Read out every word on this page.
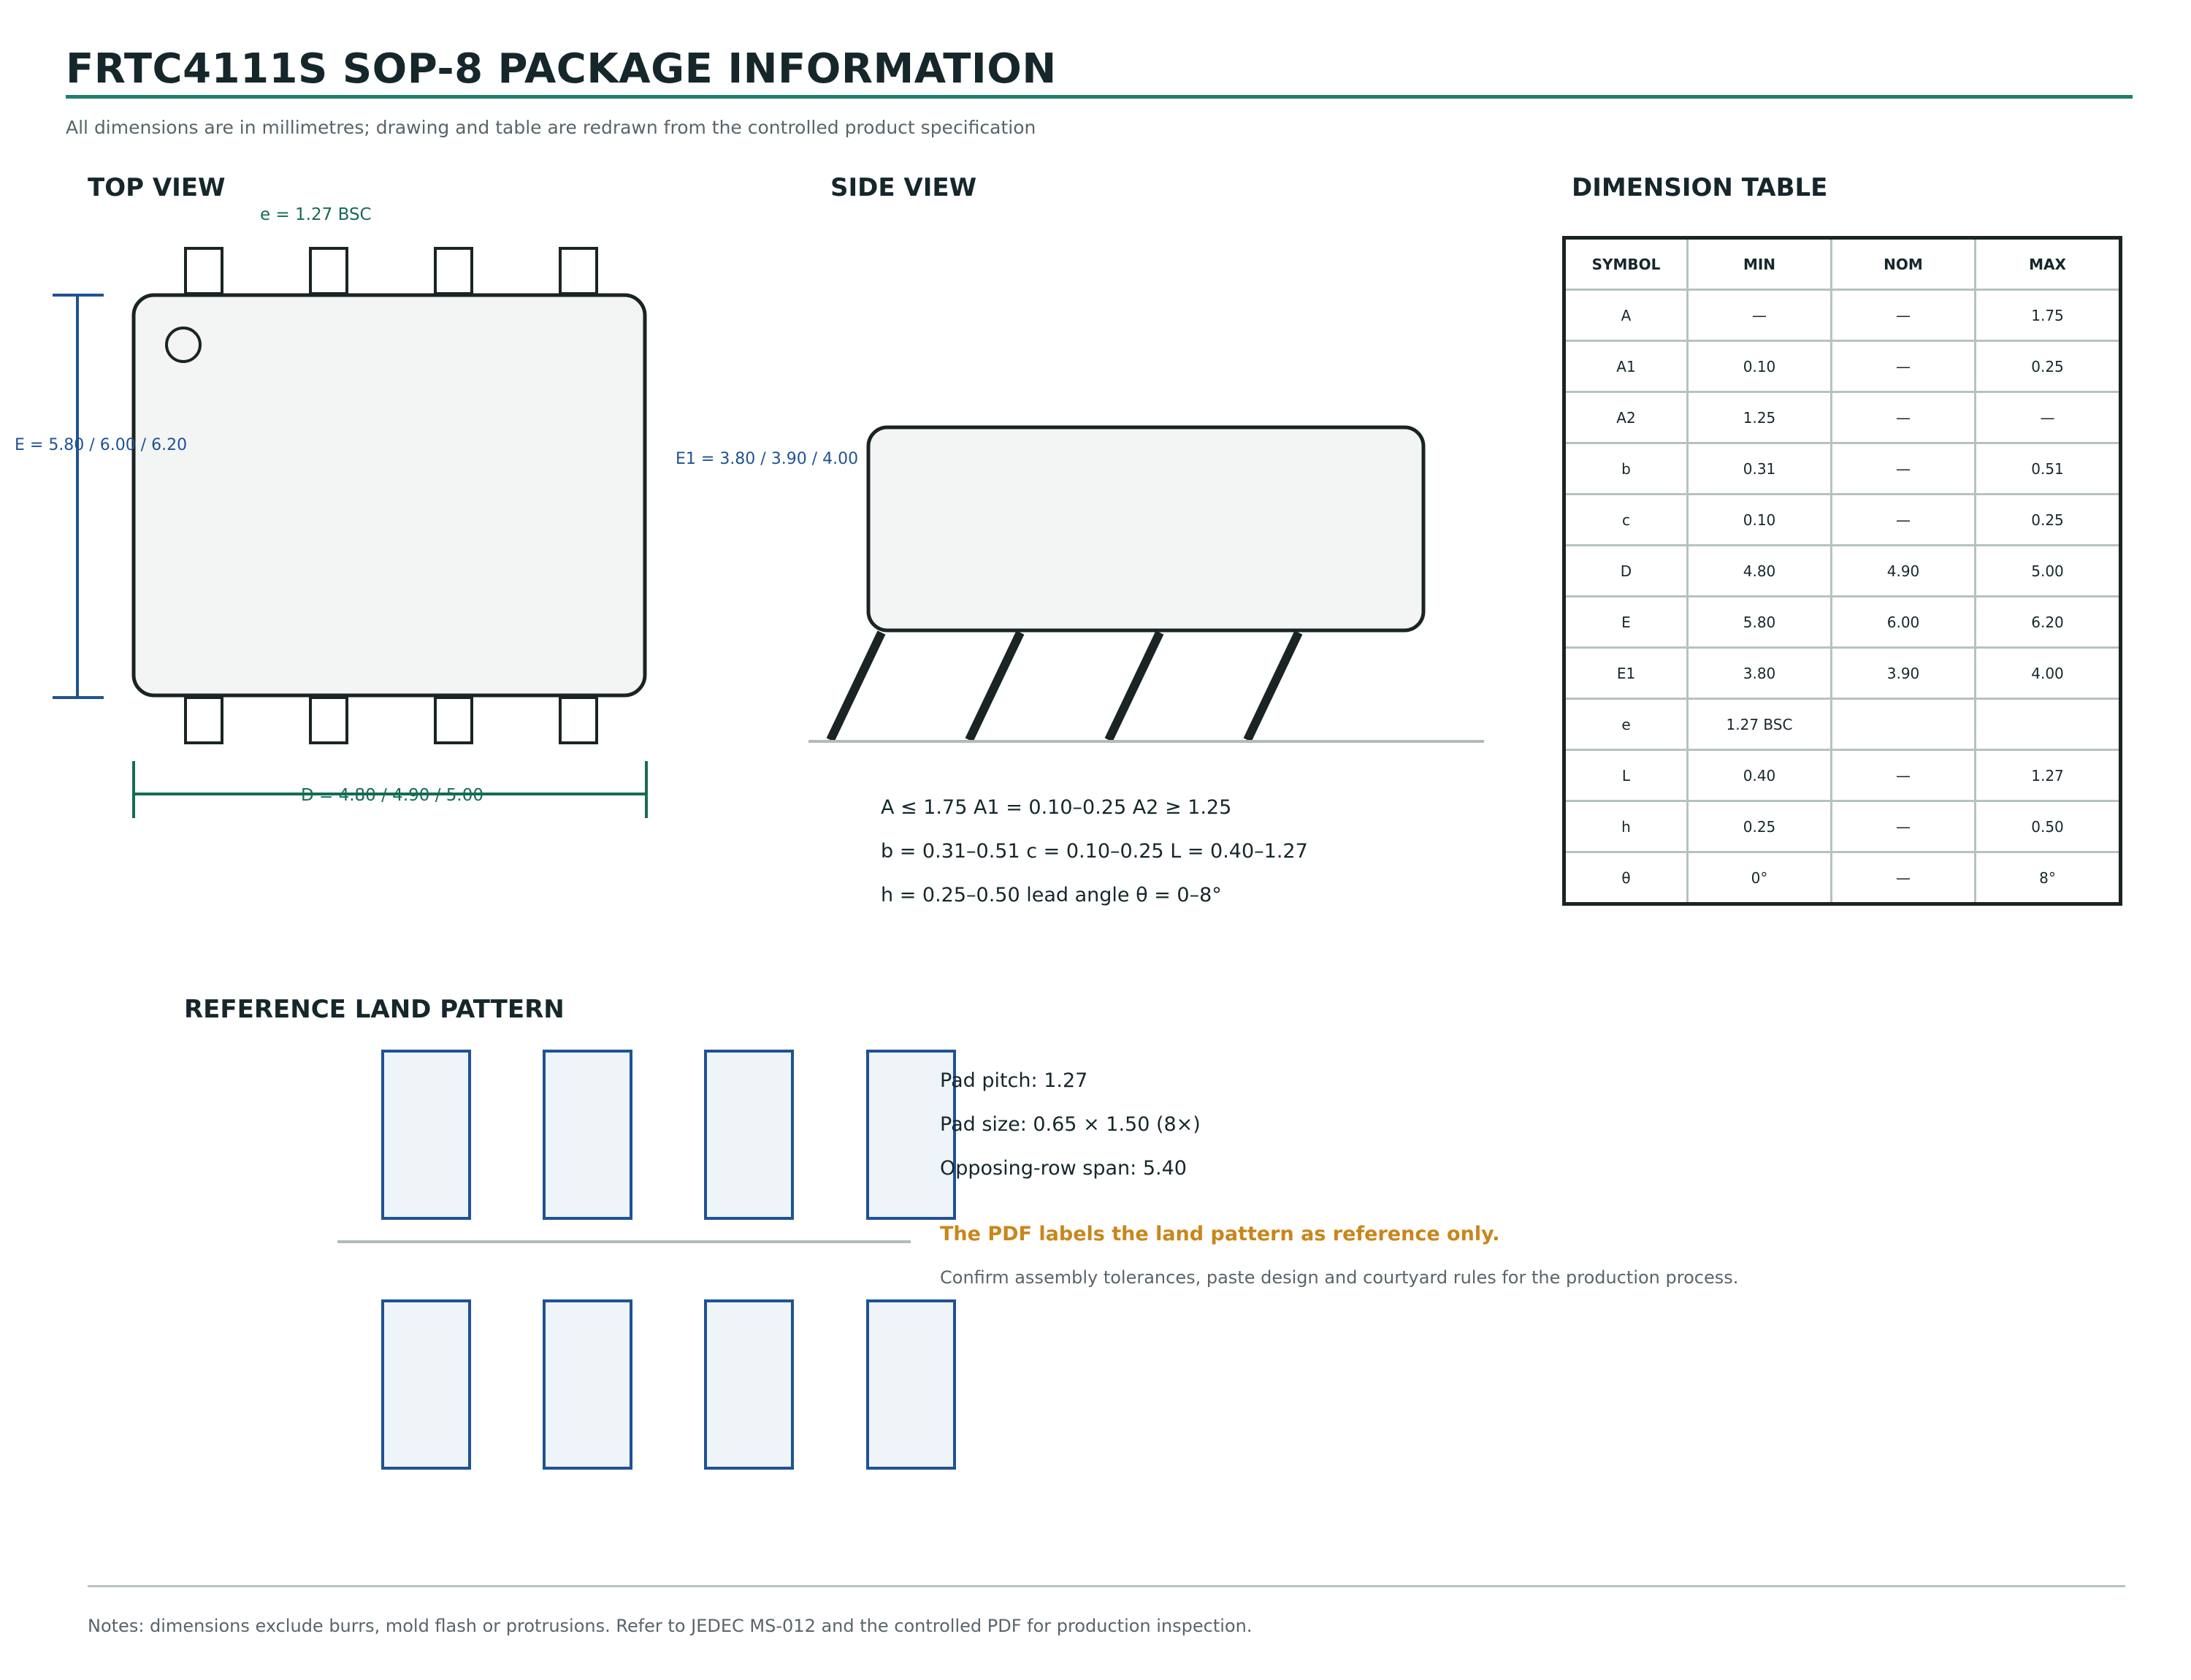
FRTC4111S SOP-8 PACKAGE INFORMATION
All dimensions are in millimetres; drawing and table are redrawn from the controlled product specification
TOP VIEW	SIDE VIEW	DIMENSION TABLE
REFERENCE LAND PATTERN
e = 1.27 BSC
E = 5.80 / 6.00 / 6.20
D = 4.80 / 4.90 / 5.00
E1 = 3.80 / 3.90 / 4.00
A ≤ 1.75 A1 = 0.10–0.25 A2 ≥ 1.25
b = 0.31–0.51 c = 0.10–0.25 L = 0.40–1.27
h = 0.25–0.50 lead angle θ = 0–8°
SYMBOL	MIN	NOM	MAX
A	—	—	1.75
A1	0.10	—	0.25
A2	1.25	—	—
b	0.31	—	0.51
c	0.10	—	0.25
D	4.80	4.90	5.00
E	5.80	6.00	6.20
E1	3.80	3.90	4.00
e	1.27 BSC		
L	0.40	—	1.27
h	0.25	—	0.50
θ	0°	—	8°
Pad pitch: 1.27
Pad size: 0.65 × 1.50 (8×)
Opposing-row span: 5.40
The PDF labels the land pattern as reference only.
Confirm assembly tolerances, paste design and courtyard rules for the production process.
Notes: dimensions exclude burrs, mold flash or protrusions. Refer to JEDEC MS-012 and the controlled PDF for production inspection.
